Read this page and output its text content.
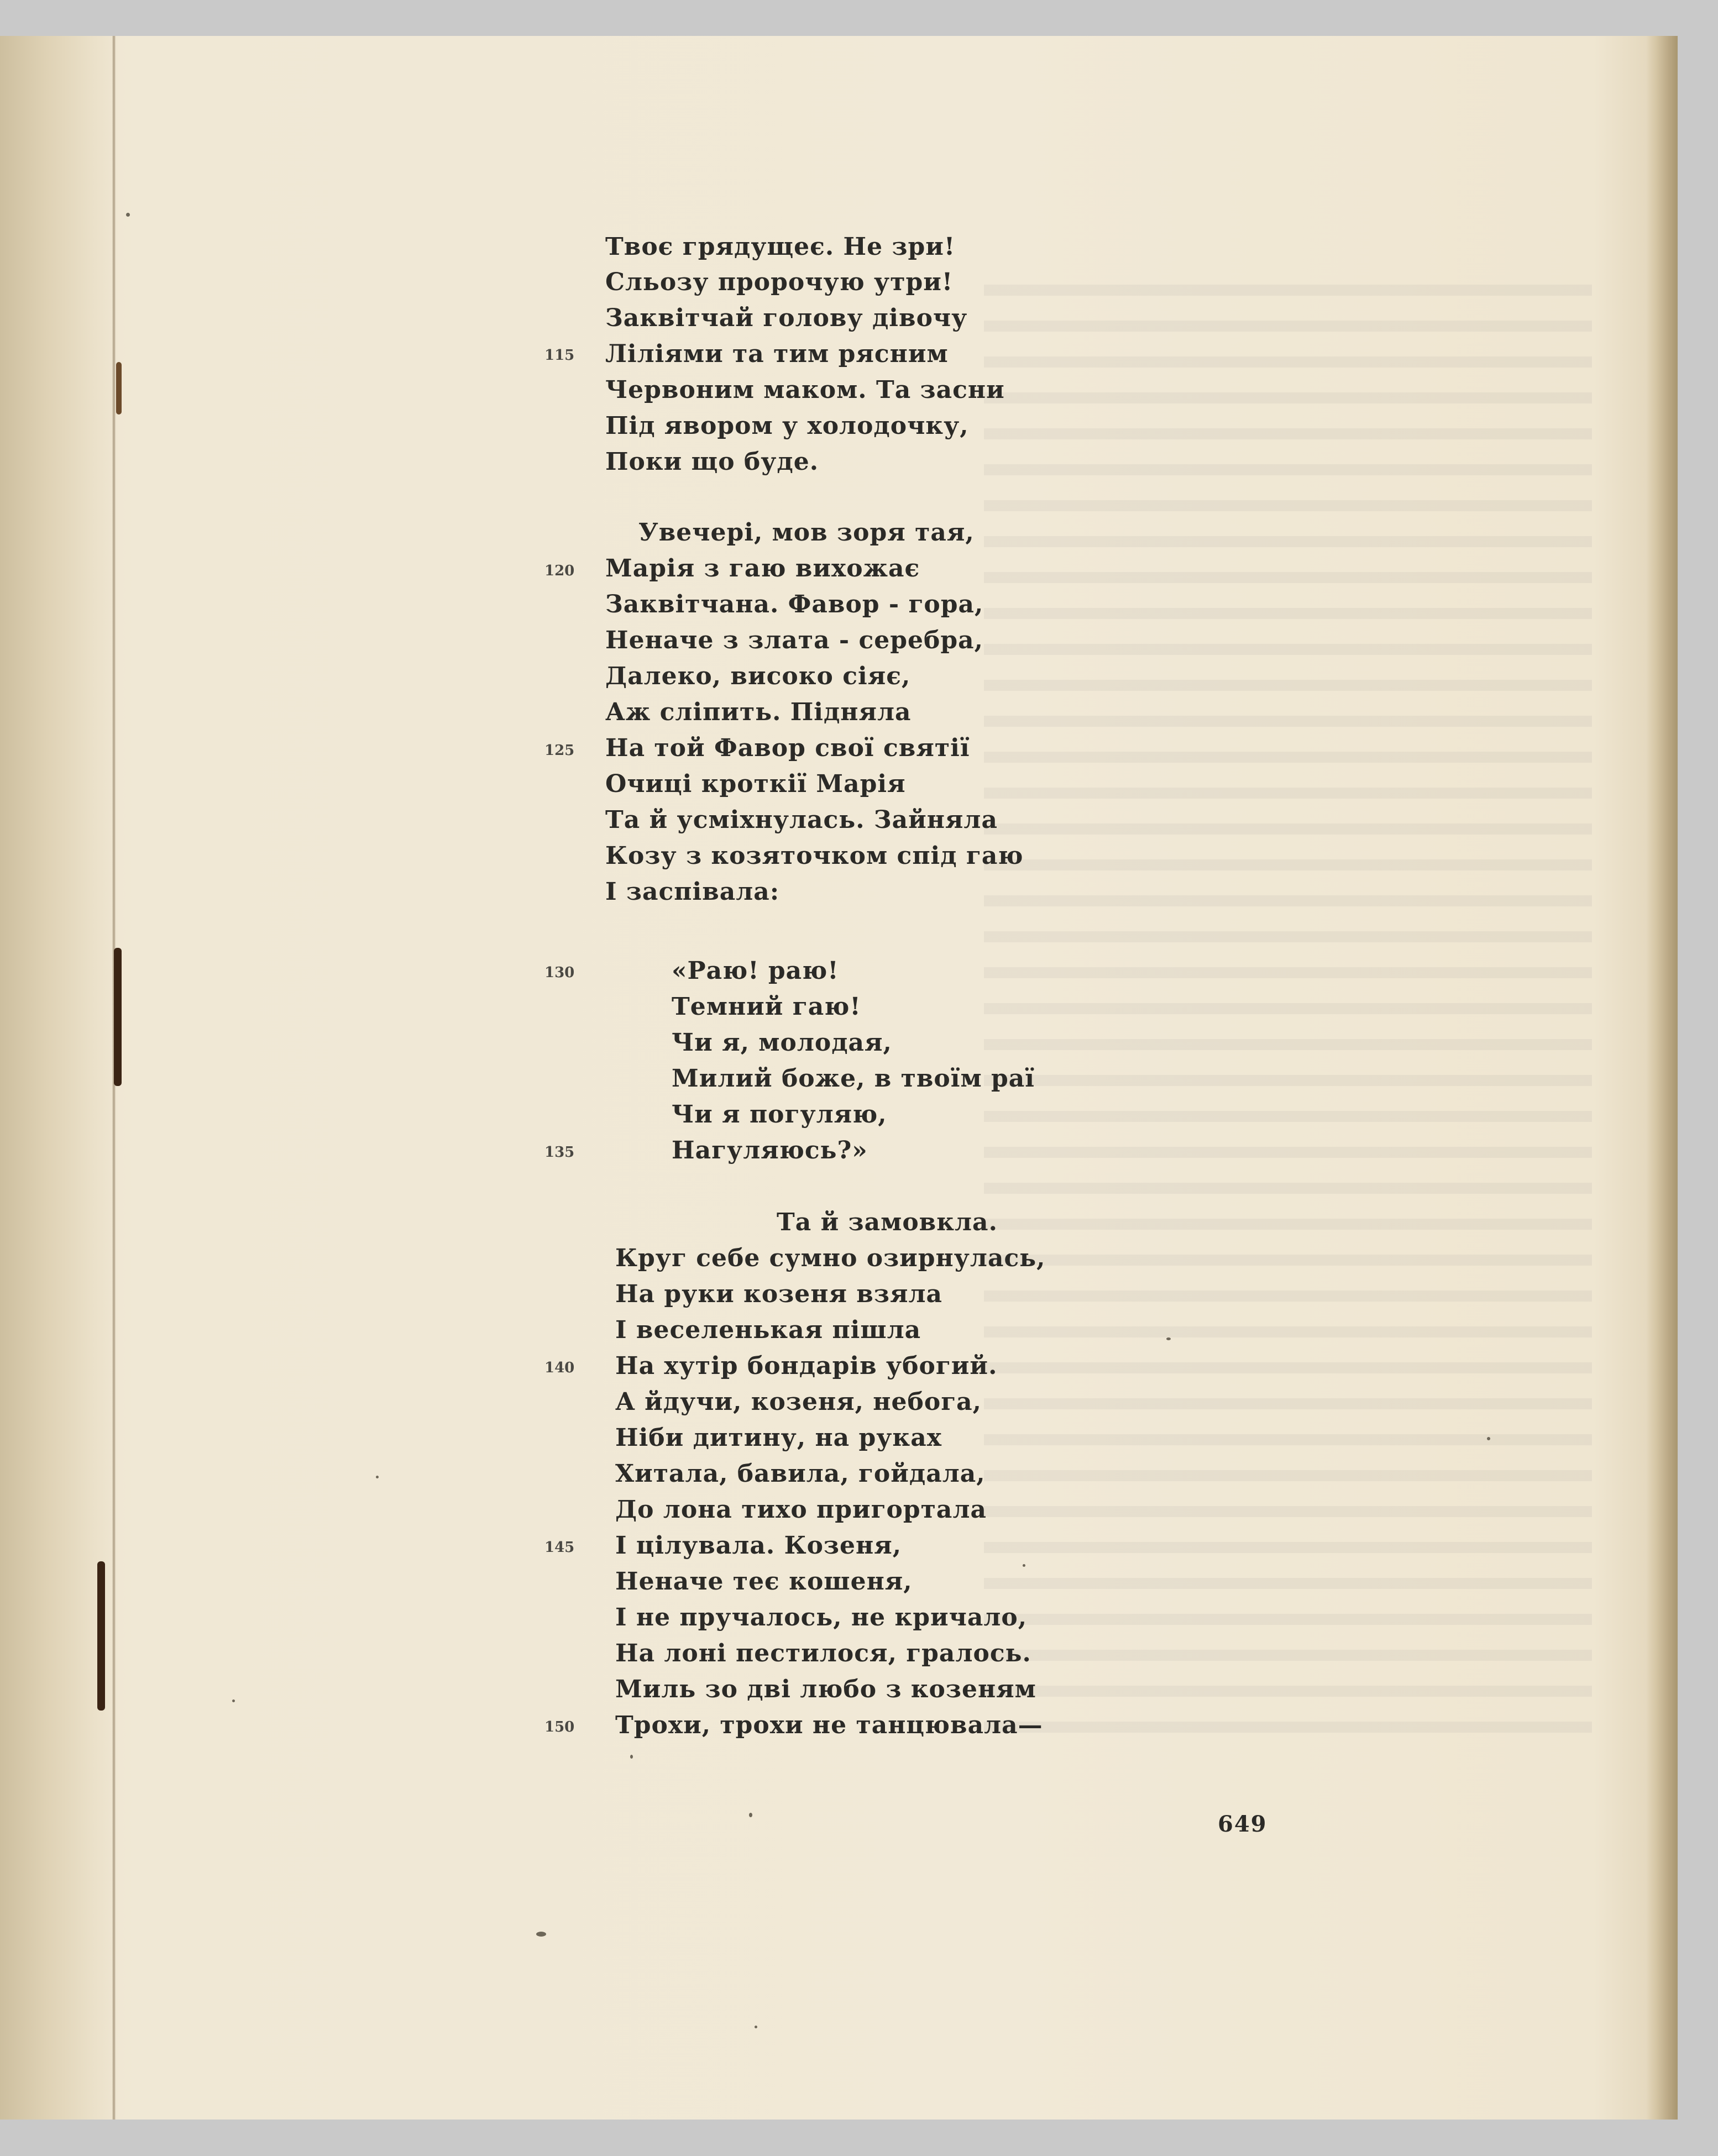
Твоє грядущеє. Не зри!
Сльозу пророчую утри!
Заквітчай голову дівочу
115 Ліліями та тим рясним
Червоним маком. Та засни
Під явором у холодочку,
Поки що буде.
Увечері, мов зоря тая,
120 Марія з гаю вихожає
Заквітчана. Фавор - гора,
Неначе з злата - серебра,
Далеко, високо сіяє,
Аж сліпить. Підняла
125 На той Фавор свої святії
Очиці кроткії Марія
Та й усміхнулась. Зайняла
Козу з козяточком спід гаю
І заспівала:
130	«Раю! раю!
Темний гаю!
Чи я, молодая,
Милий боже, в твоїм раї
Чи я погуляю,
135	Нагуляюсь?»
Та й замовкла.
Круг себе сумно озирнулась,
На руки козеня взяла
І веселенькая пішла
140 На хутір бондарів убогий.
А йдучи, козеня, небога,
Ніби дитину, на руках
Хитала, бавила, гойдала,
До лона тихо пригортала
145 І цілувала. Козеня,
Неначе теє кошеня,
І не пручалось, не кричало,
На лоні пестилося, гралось.
Миль зо дві любо з козеням
150 Трохи, трохи не танцювала—
649
